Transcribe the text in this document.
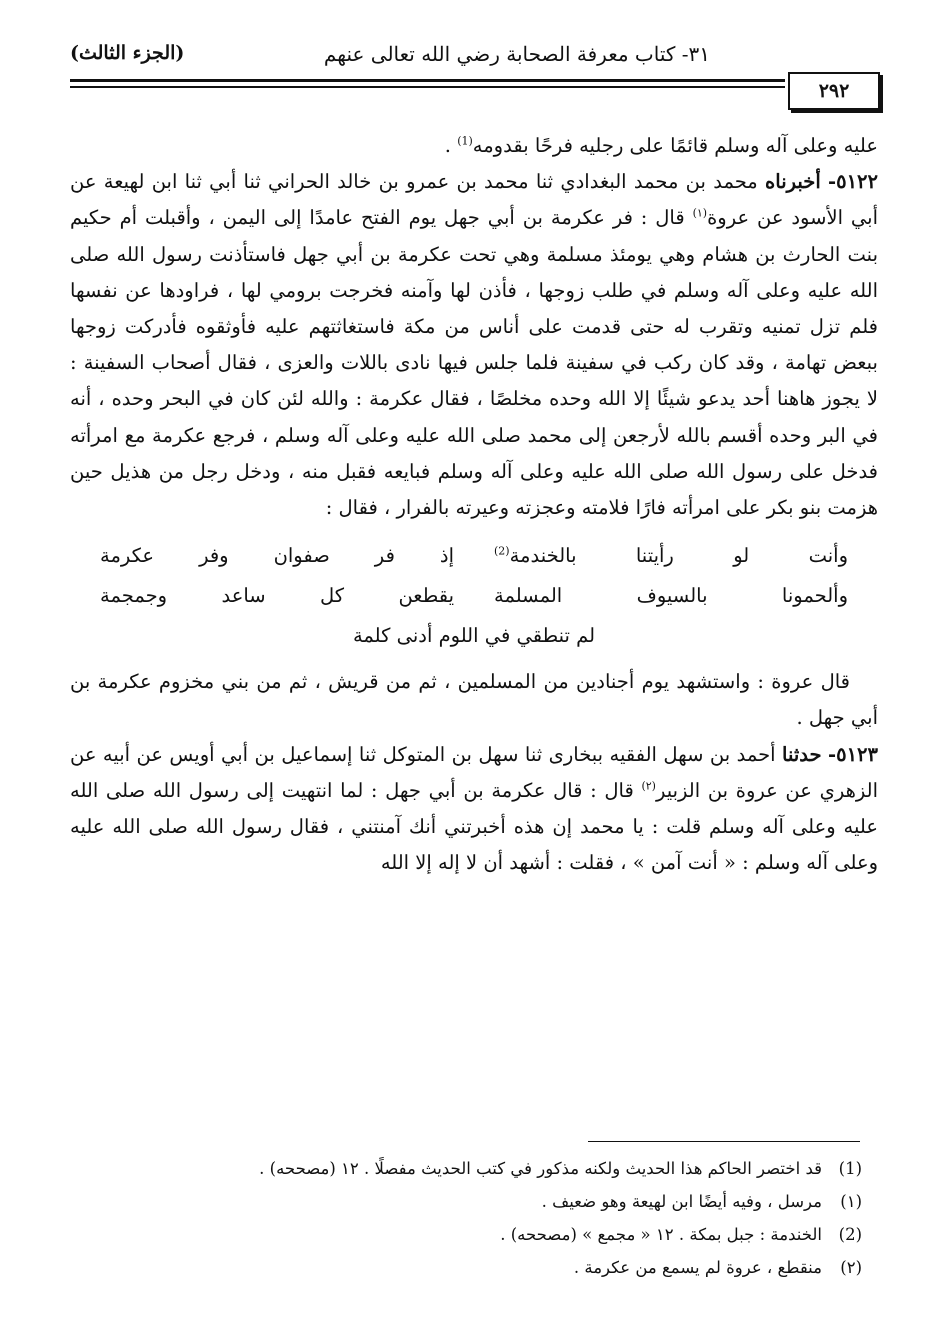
(الجزء الثالث)	٣١- كتاب معرفة الصحابة رضي الله تعالى عنهم
٢٩٢

عليه وعلى آله وسلم قائمًا على رجليه فرحًا بقدومه$^{(1)}$ .

٥١٢٢- أخبرناه محمد بن محمد البغدادي ثنا محمد بن عمرو بن خالد الحراني ثنا أبي ثنا ابن لهيعة عن أبي الأسود عن عروة$^{(١)}$ قال : فر عكرمة بن أبي جهل يوم الفتح عامدًا إلى اليمن ، وأقبلت أم حكيم بنت الحارث بن هشام وهي يومئذ مسلمة وهي تحت عكرمة بن أبي جهل فاستأذنت رسول الله صلى الله عليه وعلى آله وسلم في طلب زوجها ، فأذن لها وآمنه فخرجت برومي لها ، فراودها عن نفسها فلم تزل تمنيه وتقرب له حتى قدمت على أناس من مكة فاستغاثتهم عليه فأوثقوه فأدركت زوجها ببعض تهامة ، وقد كان ركب في سفينة فلما جلس فيها نادى باللات والعزى ، فقال أصحاب السفينة : لا يجوز هاهنا أحد يدعو شيئًا إلا الله وحده مخلصًا ، فقال عكرمة : والله لئن كان في البحر وحده ، أنه في البر وحده أقسم بالله لأرجعن إلى محمد صلى الله عليه وعلى آله وسلم ، فرجع عكرمة مع امرأته فدخل على رسول الله صلى الله عليه وعلى آله وسلم فبايعه فقبل منه ، ودخل رجل من هذيل حين هزمت بنو بكر على امرأته فارًا فلامته وعجزته وعيرته بالفرار ، فقال :

وأنت لو رأيتنا بالخندمة$^{(2)}$
إذ فر صفوان وفر عكرمة
وألحمونا بالسيوف المسلمة
يقطعن كل ساعد وجمجمة
لم تنطقي في اللوم أدنى كلمة

قال عروة : واستشهد يوم أجنادين من المسلمين ، ثم من قريش ، ثم من بني مخزوم عكرمة بن أبي جهل .

٥١٢٣- حدثنا أحمد بن سهل الفقيه ببخارى ثنا سهل بن المتوكل ثنا إسماعيل بن أبي أويس عن أبيه عن الزهري عن عروة بن الزبير$^{(٢)}$ قال : قال عكرمة بن أبي جهل : لما انتهيت إلى رسول الله صلى الله عليه وعلى آله وسلم قلت : يا محمد إن هذه أخبرتني أنك آمنتني ، فقال رسول الله صلى الله عليه وعلى آله وسلم : « أنت آمن » ، فقلت : أشهد أن لا إله إلا الله

(1)
قد اختصر الحاكم هذا الحديث ولكنه مذكور في كتب الحديث مفصلًا . ١٢ (مصححه) .
(١)
مرسل ، وفيه أيضًا ابن لهيعة وهو ضعيف .
(2)
الخندمة : جبل بمكة . ١٢ « مجمع » (مصححه) .
(٢)
منقطع ، عروة لم يسمع من عكرمة .
